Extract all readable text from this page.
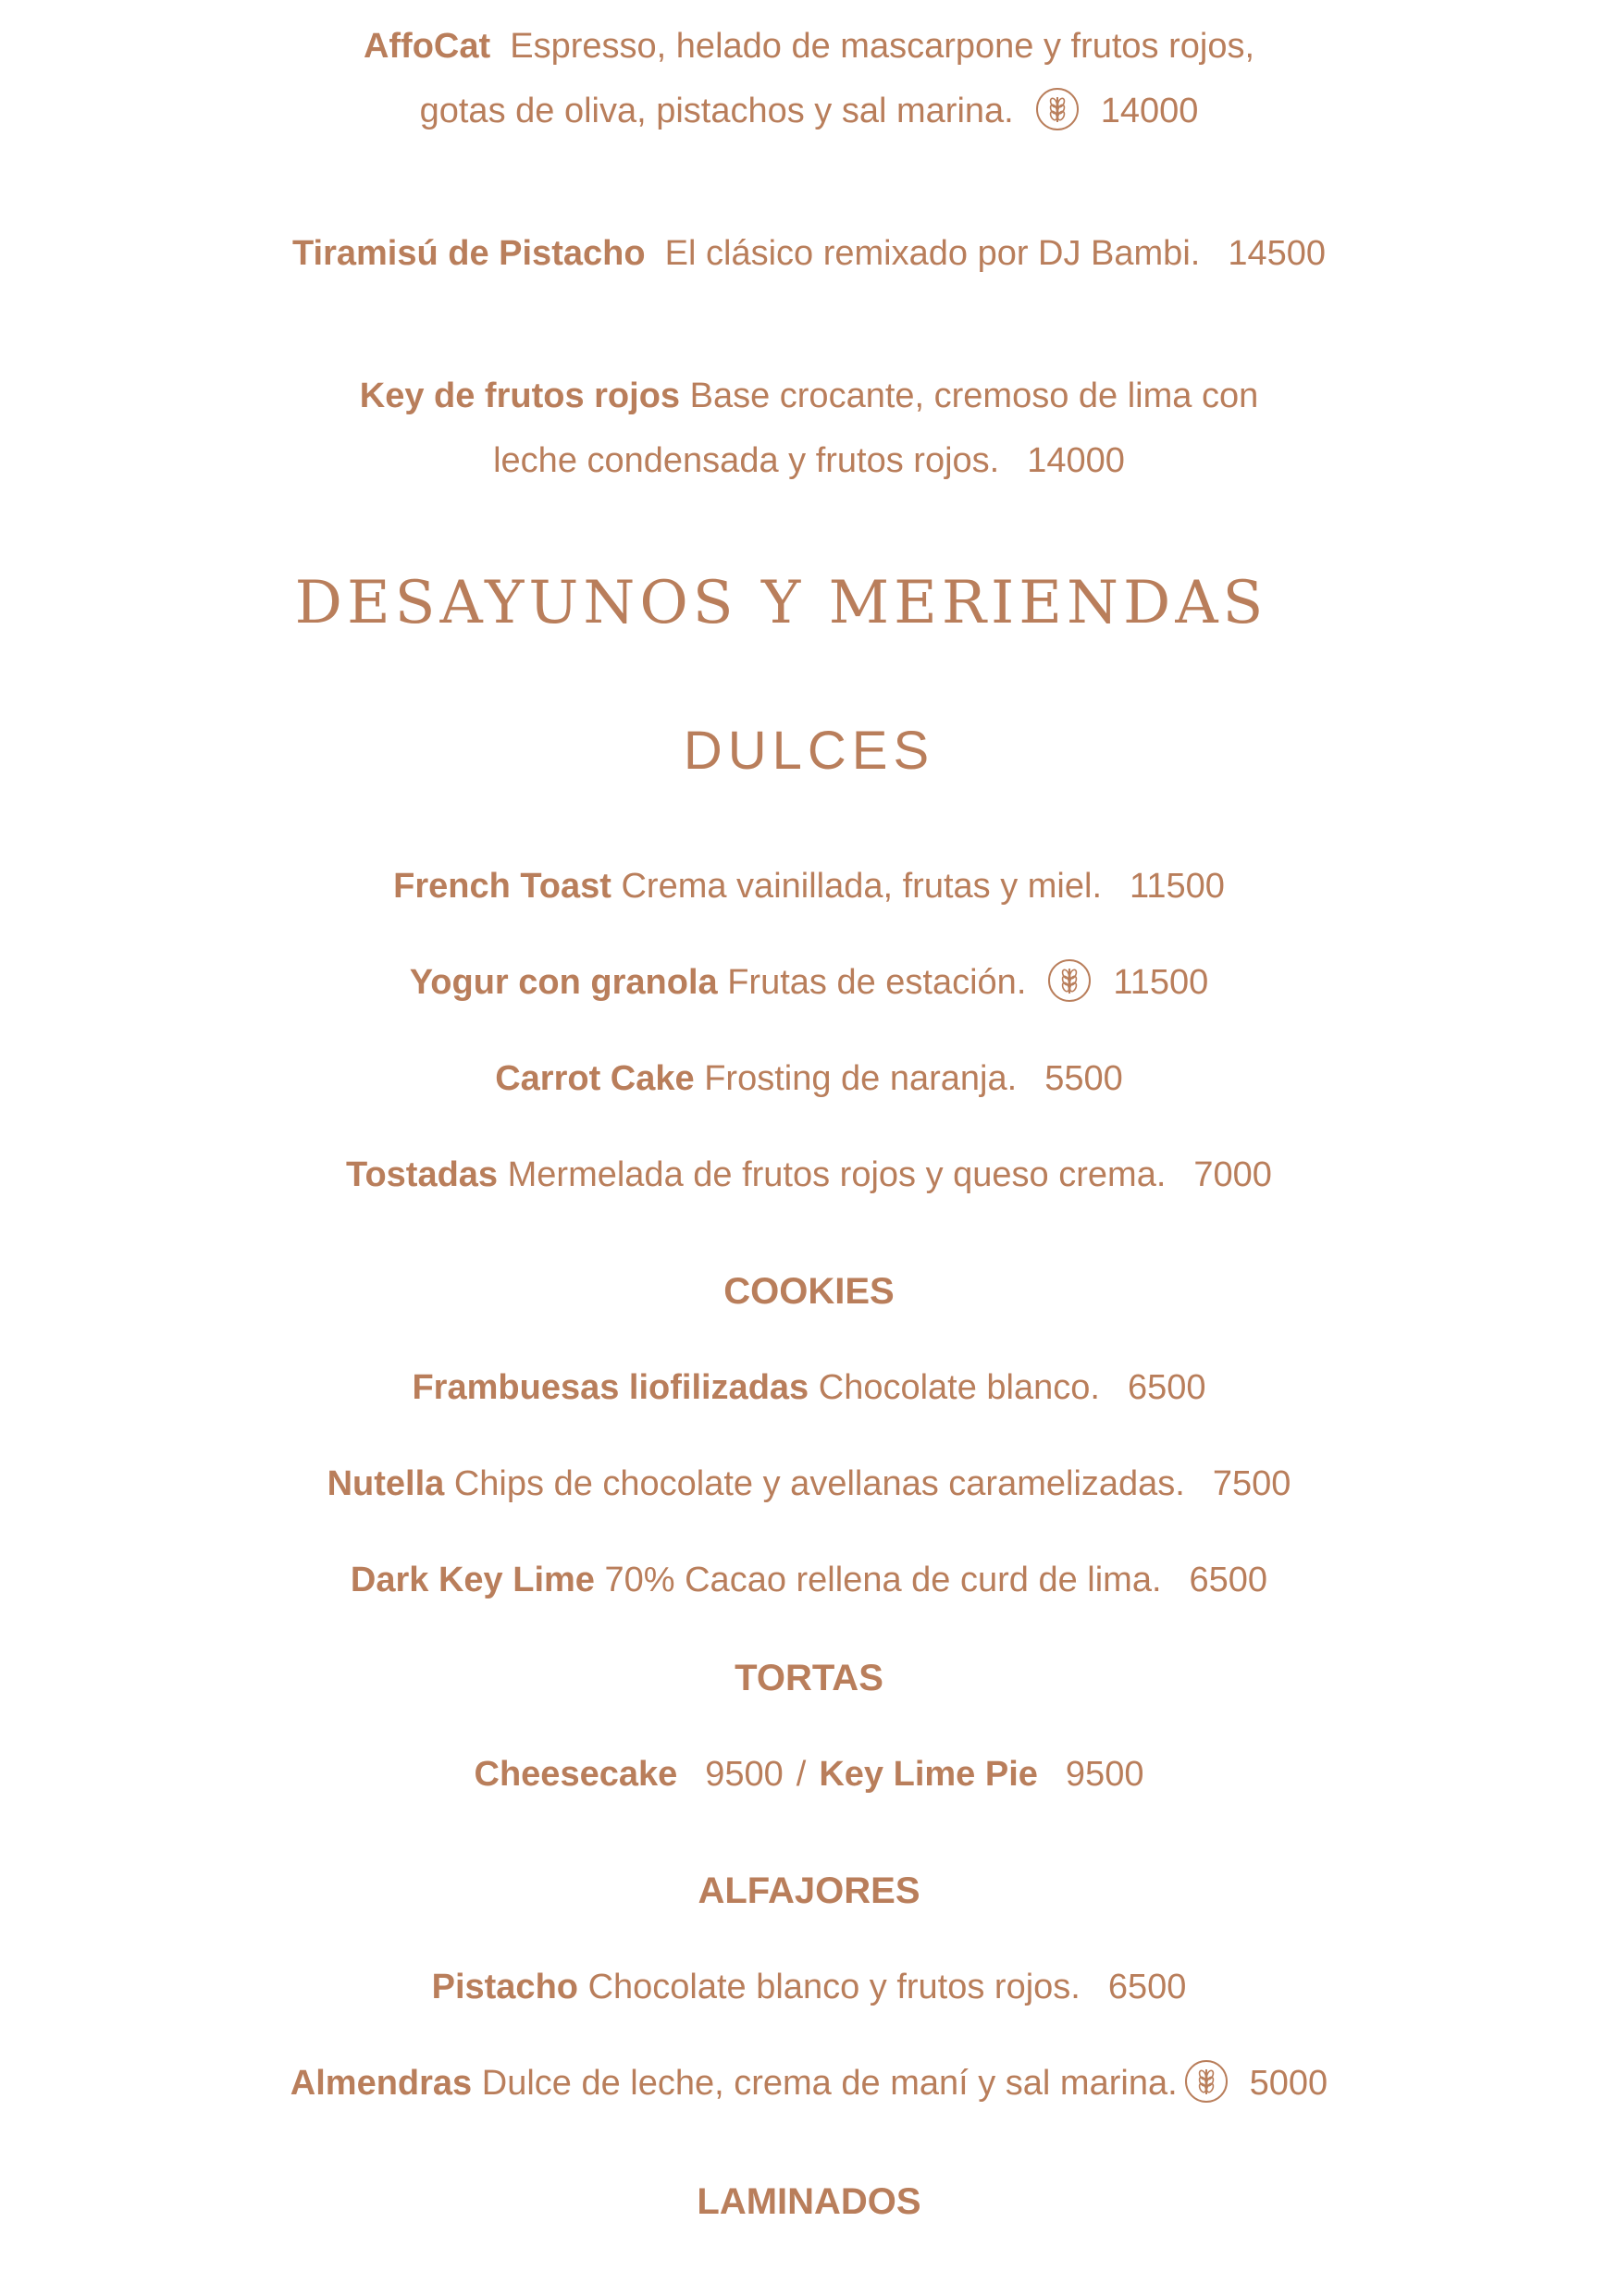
AffoCat Espresso, helado de mascarpone y frutos rojos,
gotas de oliva, pistachos y sal marina. 14000
Tiramisú de Pistacho El clásico remixado por DJ Bambi. 14500
Key de frutos rojos Base crocante, cremoso de lima con
leche condensada y frutos rojos. 14000
DESAYUNOS Y MERIENDAS
DULCES
French Toast Crema vainillada, frutas y miel. 11500
Yogur con granola Frutas de estación. 11500
Carrot Cake Frosting de naranja. 5500
Tostadas Mermelada de frutos rojos y queso crema. 7000
COOKIES
Frambuesas liofilizadas Chocolate blanco. 6500
Nutella Chips de chocolate y avellanas caramelizadas. 7500
Dark Key Lime 70% Cacao rellena de curd de lima. 6500
TORTAS
Cheesecake 9500 / Key Lime Pie 9500
ALFAJORES
Pistacho Chocolate blanco y frutos rojos. 6500
Almendras Dulce de leche, crema de maní y sal marina. 5000
LAMINADOS
